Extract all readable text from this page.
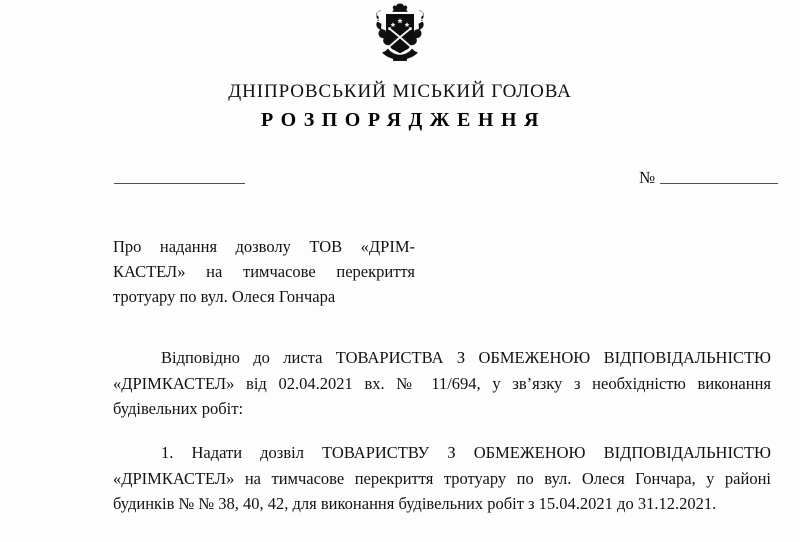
ДНІПРОВСЬКИЙ МІСЬКИЙ ГОЛОВА
РОЗПОРЯДЖЕННЯ
№

Про надання дозволу ТОВ «ДРІМ-КАСТЕЛ» на тимчасове перекриття тротуару по вул. Олеся Гончара

Відповідно до листа ТОВАРИСТВА З ОБМЕЖЕНОЮ ВІДПОВІДАЛЬНІСТЮ «ДРІМКАСТЕЛ» від 02.04.2021 вх. № 11/694, у зв’язку з необхідністю виконання будівельних робіт:

1. Надати дозвіл ТОВАРИСТВУ З ОБМЕЖЕНОЮ ВІДПОВІДАЛЬНІСТЮ «ДРІМКАСТЕЛ» на тимчасове перекриття тротуару по вул. Олеся Гончара, у районі будинків № № 38, 40, 42, для виконання будівельних робіт з 15.04.2021 до 31.12.2021.
